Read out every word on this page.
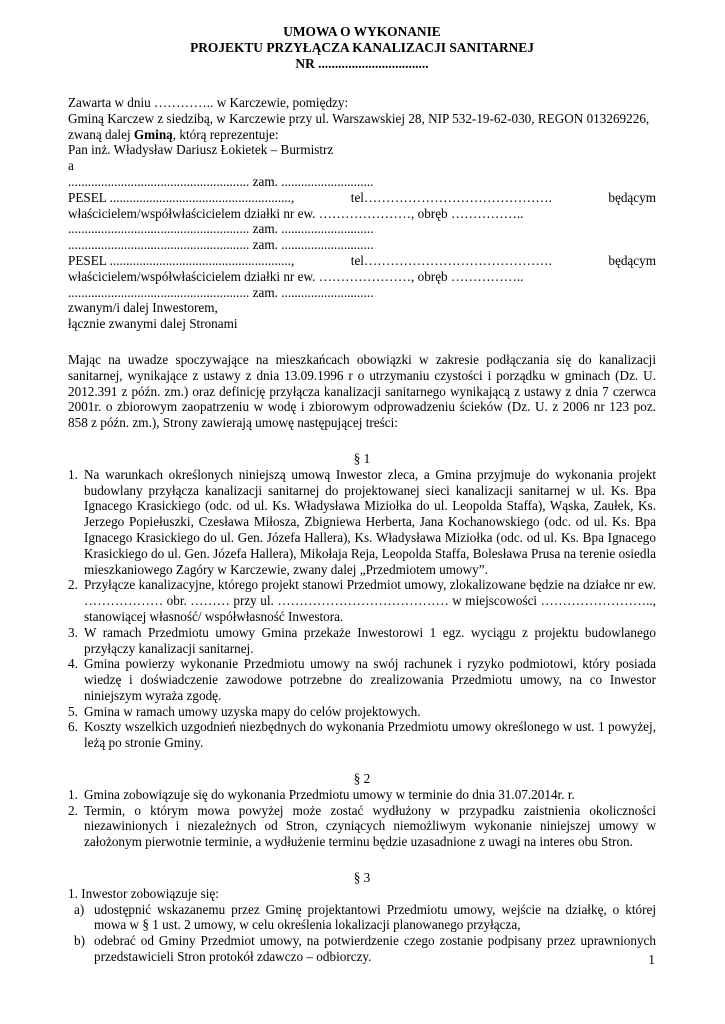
UMOWA O WYKONANIE
PROJEKTU PRZYŁĄCZA KANALIZACJI SANITARNEJ
NR .................................

Zawarta w dniu ………….. w Karczewie, pomiędzy:

Gminą Karczew z siedzibą, w Karczewie przy ul. Warszawskiej 28, NIP 532-19-62-030, REGON 013269226, zwaną dalej Gminą, którą reprezentuje:

Pan inż. Władysław Dariusz Łokietek – Burmistrz

a

....................................................... zam. ............................

PESEL .......................................................,	tel…………………………………….	będącym

właścicielem/współwłaścicielem działki nr ew. …………………, obręb ……………..

....................................................... zam. ............................

....................................................... zam. ............................

PESEL .......................................................,	tel…………………………………….	będącym

właścicielem/współwłaścicielem działki nr ew. …………………, obręb ……………..

....................................................... zam. ............................

zwanym/i dalej Inwestorem,

łącznie zwanymi dalej Stronami

Mając na uwadze spoczywające na mieszkańcach obowiązki w zakresie podłączania się do kanalizacji sanitarnej, wynikające z ustawy z dnia 13.09.1996 r o utrzymaniu czystości i porządku w gminach (Dz. U. 2012.391 z późn. zm.) oraz definicję przyłącza kanalizacji sanitarnego wynikającą z ustawy z dnia 7 czerwca 2001r. o zbiorowym zaopatrzeniu w wodę i zbiorowym odprowadzeniu ścieków (Dz. U. z 2006 nr 123 poz. 858 z późn. zm.), Strony zawierają umowę następującej treści:

§ 1

1. Na warunkach określonych niniejszą umową Inwestor zleca, a Gmina przyjmuje do wykonania projekt budowlany przyłącza kanalizacji sanitarnej do projektowanej sieci kanalizacji sanitarnej w ul. Ks. Bpa Ignacego Krasickiego (odc. od ul. Ks. Władysława Miziołka do ul. Leopolda Staffa), Wąska, Zaułek, Ks. Jerzego Popiełuszki, Czesława Miłosza, Zbigniewa Herberta, Jana Kochanowskiego (odc. od ul. Ks. Bpa Ignacego Krasickiego do ul. Gen. Józefa Hallera), Ks. Władysława Miziołka (odc. od ul. Ks. Bpa Ignacego Krasickiego do ul. Gen. Józefa Hallera), Mikołaja Reja, Leopolda Staffa, Bolesława Prusa na terenie osiedla mieszkaniowego Zagóry w Karczewie, zwany dalej „Przedmiotem umowy”.
2. Przyłącze kanalizacyjne, którego projekt stanowi Przedmiot umowy, zlokalizowane będzie na działce nr ew. ……………… obr. ……… przy ul. ………………………………… w miejscowości …………………….., stanowiącej własność/ współwłasność Inwestora.
3. W ramach Przedmiotu umowy Gmina przekaże Inwestorowi 1 egz. wyciągu z projektu budowlanego przyłączy kanalizacji sanitarnej.
4. Gmina powierzy wykonanie Przedmiotu umowy na swój rachunek i ryzyko podmiotowi, który posiada wiedzę i doświadczenie zawodowe potrzebne do zrealizowania Przedmiotu umowy, na co Inwestor niniejszym wyraża zgodę.
5. Gmina w ramach umowy uzyska mapy do celów projektowych.
6. Koszty wszelkich uzgodnień niezbędnych do wykonania Przedmiotu umowy określonego w ust. 1 powyżej, leżą po stronie Gminy.

§ 2

1. Gmina zobowiązuje się do wykonania Przedmiotu umowy w terminie do dnia 31.07.2014r. r.
2. Termin, o którym mowa powyżej może zostać wydłużony w przypadku zaistnienia okoliczności niezawinionych i niezależnych od Stron, czyniących niemożliwym wykonanie niniejszej umowy w założonym pierwotnie terminie, a wydłużenie terminu będzie uzasadnione z uwagi na interes obu Stron.

§ 3

1. Inwestor zobowiązuje się:

a) udostępnić wskazanemu przez Gminę projektantowi Przedmiotu umowy, wejście na działkę, o której mowa w § 1 ust. 2 umowy, w celu określenia lokalizacji planowanego przyłącza,
b) odebrać od Gminy Przedmiot umowy, na potwierdzenie czego zostanie podpisany przez uprawnionych przedstawicieli Stron protokół zdawczo – odbiorczy.	1
